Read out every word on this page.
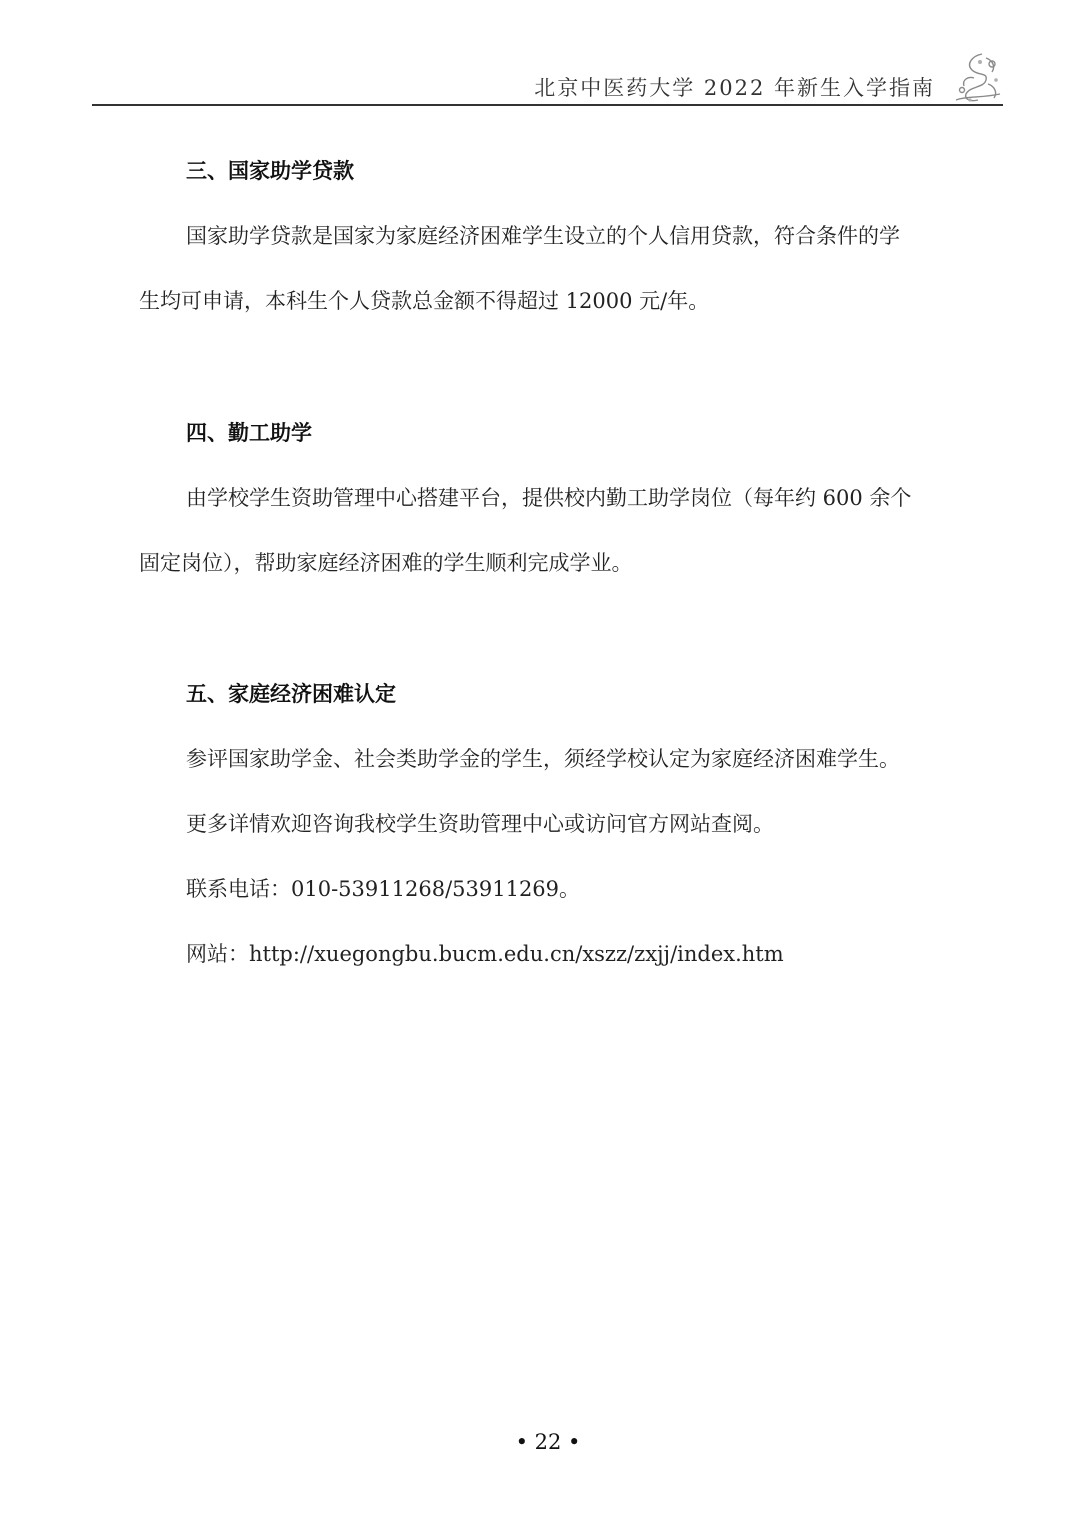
北京中医药大学 2022 年新生入学指南
三、国家助学贷款
国家助学贷款是国家为家庭经济困难学生设立的个人信用贷款，符合条件的学
生均可申请，本科生个人贷款总金额不得超过 12000 元/年。
四、勤工助学
由学校学生资助管理中心搭建平台，提供校内勤工助学岗位（每年约 600 余个
固定岗位），帮助家庭经济困难的学生顺利完成学业。
五、家庭经济困难认定
参评国家助学金、社会类助学金的学生，须经学校认定为家庭经济困难学生。
更多详情欢迎咨询我校学生资助管理中心或访问官方网站查阅。
联系电话：010-53911268/53911269。
网站：http://xuegongbu.bucm.edu.cn/xszz/zxjj/index.htm
• 22 •
